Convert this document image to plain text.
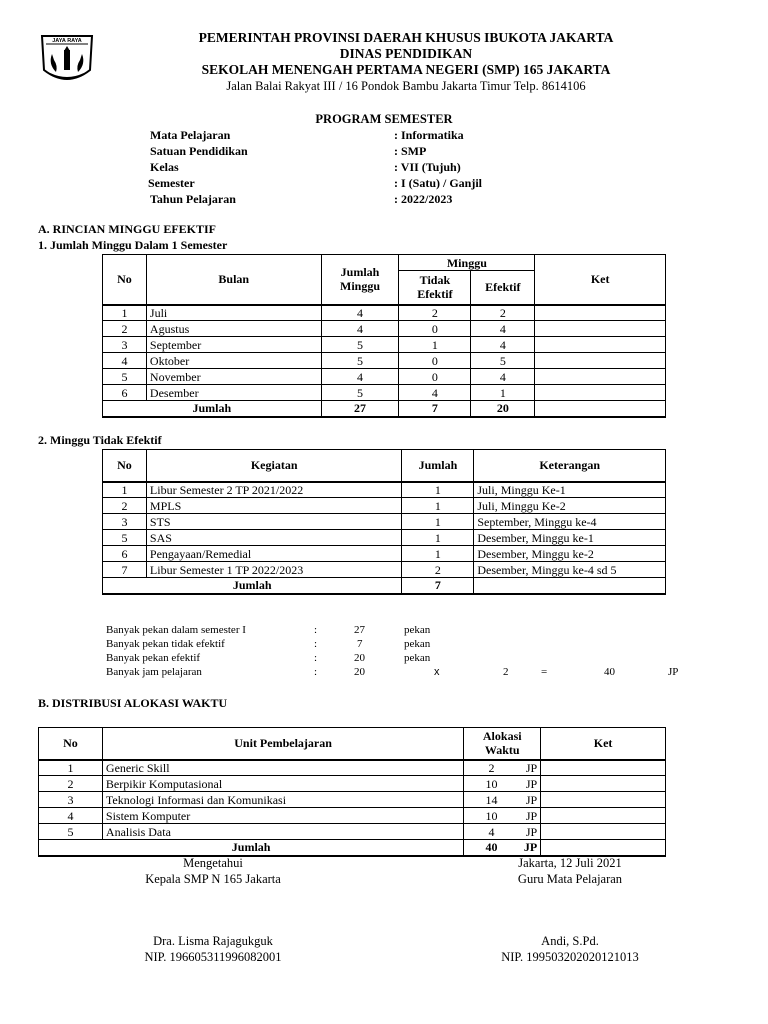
JAYA RAYA	PEMERINTAH PROVINSI DAERAH KHUSUS IBUKOTA JAKARTA
DINAS PENDIDIKAN
SEKOLAH MENENGAH PERTAMA NEGERI (SMP) 165 JAKARTA
Jalan Balai Rakyat III / 16 Pondok Bambu Jakarta Timur Telp. 8614106
PROGRAM SEMESTER
Mata Pelajaran	: Informatika
Satuan Pendidikan	: SMP
Kelas	: VII (Tujuh)
Semester	: I (Satu) / Ganjil
Tahun Pelajaran	: 2022/2023
A. RINCIAN MINGGU EFEKTIF
1. Jumlah Minggu Dalam 1 Semester
No	Bulan	Jumlah Minggu	Minggu		Ket
			Tidak Efektif	Efektif	
1	Juli	4	2	2	
2	Agustus	4	0	4	
3	September	5	1	4	
4	Oktober	5	0	5	
5	November	4	0	4	
6	Desember	5	4	1	
Jumlah		27	7	20	
2. Minggu Tidak Efektif
No	Kegiatan	Jumlah	Keterangan
1	Libur Semester 2 TP 2021/2022	1	Juli, Minggu Ke-1
2	MPLS	1	Juli, Minggu Ke-2
3	STS	1	September, Minggu ke-4
5	SAS	1	Desember, Minggu ke-1
6	Pengayaan/Remedial	1	Desember, Minggu ke-2
7	Libur Semester 1 TP 2022/2023	2	Desember, Minggu ke-4 sd 5
Jumlah		7	
Banyak pekan dalam semester I	:	27	pekan
Banyak pekan tidak efektif	:	7	pekan
Banyak pekan efektif	:	20	pekan
Banyak jam pelajaran	:	20	x	2	=	40	JP
B. DISTRIBUSI ALOKASI WAKTU
No	Unit Pembelajaran	Alokasi Waktu		Ket
1	Generic Skill	2	JP	
2	Berpikir Komputasional	10	JP	
3	Teknologi Informasi dan Komunikasi	14	JP	
4	Sistem Komputer	10	JP	
5	Analisis Data	4	JP	
Jumlah		40	JP	
Mengetahui
Kepala SMP N 165 Jakarta
Dra. Lisma Rajagukguk
NIP. 196605311996082001
Jakarta, 12 Juli 2021
Guru Mata Pelajaran
Andi, S.Pd.
NIP. 199503202020121013
